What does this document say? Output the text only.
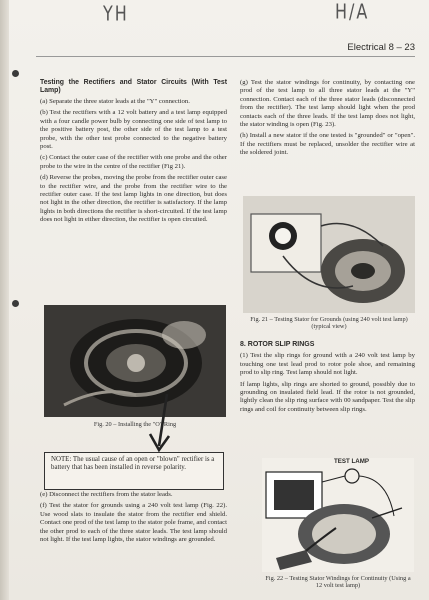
YH	H/A
Electrical 8 – 23
Testing the Rectifiers and Stator Circuits (With Test Lamp)

(a) Separate the three stator leads at the "Y" connection.

(b) Test the rectifiers with a 12 volt battery and a test lamp equipped with a four candle power bulb by connecting one side of test lamp to the positive battery post, the other side of the test lamp to a test probe, with the other test probe connected to the negative battery post.

(c) Contact the outer case of the rectifier with one probe and the other probe to the wire in the centre of the rectifier (Fig 21).

(d) Reverse the probes, moving the probe from the rectifier outer case to the rectifier wire, and the probe from the rectifier wire to the rectifier outer case. If the test lamp lights in one direction, but does not light in the other direction, the rectifier is satisfactory. If the lamp lights in both directions the rectifier is short-circuited. If the test lamp does not light in either direction, the rectifier is open circuited.

Fig. 20 – Installing the "O" Ring
NOTE: The usual cause of an open or "blown" rectifier is a battery that has been installed in reverse polarity.

(e) Disconnect the rectifiers from the stator leads.

(f) Test the stator for grounds using a 240 volt test lamp (Fig. 22). Use wood slats to insulate the stator from the rectifier end shield. Contact one prod of the test lamp to the stator pole frame, and contact the other prod to each of the three stator leads. The test lamp should not light. If the test lamp lights, the stator windings are grounded.

(g) Test the stator windings for continuity, by contacting one prod of the test lamp to all three stator leads at the "Y" connection. Contact each of the three stator leads (disconnected from the rectifier). The test lamp should light when the prod contacts each of the three leads. If the test lamp does not light, the stator winding is open (Fig. 23).

(h) Install a new stator if the one tested is "grounded" or "open". If the rectifiers must be replaced, unsolder the rectifier wire at the soldered joint.

Fig. 21 – Testing Stator for Grounds (using 240 volt test lamp) (typical view)
8. ROTOR SLIP RINGS

(1) Test the slip rings for ground with a 240 volt test lamp by touching one test lead prod to rotor pole shoe, and remaining prod to slip ring. Test lamp should not light.

If lamp lights, slip rings are shorted to ground, possibly due to grounding on insulated field lead. If the rotor is not grounded, lightly clean the slip ring surface with 00 sandpaper. Test the slip rings and coil for continuity between slip rings.

TEST LAMP
Fig. 22 – Testing Stator Windings for Continuity (Using a 12 volt test lamp)
